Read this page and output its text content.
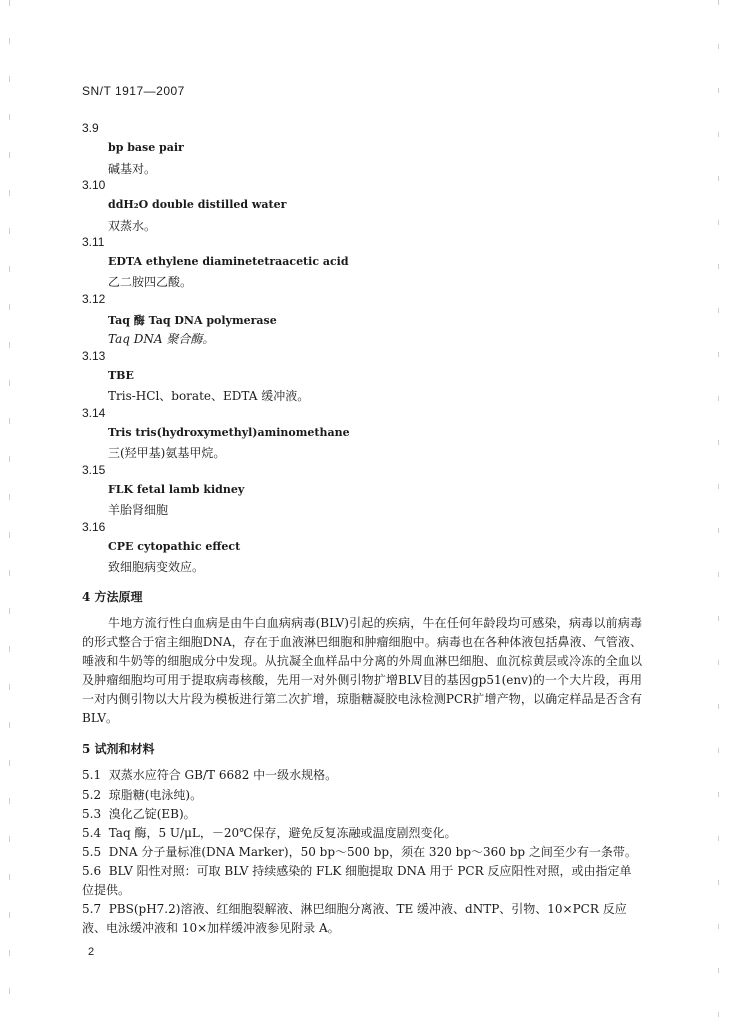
SN/T 1917—2007
3.9
bp base pair
碱基对。
3.10
ddH₂O double distilled water
双蒸水。
3.11
EDTA ethylene diaminetetraacetic acid
乙二胺四乙酸。
3.12
Taq 酶 Taq DNA polymerase
Taq DNA 聚合酶。
3.13
TBE
Tris-HCl、borate、EDTA 缓冲液。
3.14
Tris tris(hydroxymethyl)aminomethane
三(羟甲基)氨基甲烷。
3.15
FLK fetal lamb kidney
羊胎肾细胞
3.16
CPE cytopathic effect
致细胞病变效应。
4 方法原理
牛地方流行性白血病是由牛白血病病毒(BLV)引起的疾病，牛在任何年龄段均可感染，病毒以前病毒的形式整合于宿主细胞DNA，存在于血液淋巴细胞和肿瘤细胞中。病毒也在各种体液包括鼻液、气管液、唾液和牛奶等的细胞成分中发现。从抗凝全血样品中分离的外周血淋巴细胞、血沉棕黄层或冷冻的全血以及肿瘤细胞均可用于提取病毒核酸，先用一对外侧引物扩增BLV目的基因gp51(env)的一个大片段，再用一对内侧引物以大片段为模板进行第二次扩增，琼脂糖凝胶电泳检测PCR扩增产物，以确定样品是否含有BLV。
5 试剂和材料
5.1 双蒸水应符合 GB/T 6682 中一级水规格。
5.2 琼脂糖(电泳纯)。
5.3 溴化乙锭(EB)。
5.4 Taq 酶，5 U/μL，－20℃保存，避免反复冻融或温度剧烈变化。
5.5 DNA 分子量标准(DNA Marker)，50 bp～500 bp，须在 320 bp～360 bp 之间至少有一条带。
5.6 BLV 阳性对照：可取 BLV 持续感染的 FLK 细胞提取 DNA 用于 PCR 反应阳性对照，或由指定单位提供。
5.7 PBS(pH7.2)溶液、红细胞裂解液、淋巴细胞分离液、TE 缓冲液、dNTP、引物、10×PCR 反应液、电泳缓冲液和 10×加样缓冲液参见附录 A。
2
